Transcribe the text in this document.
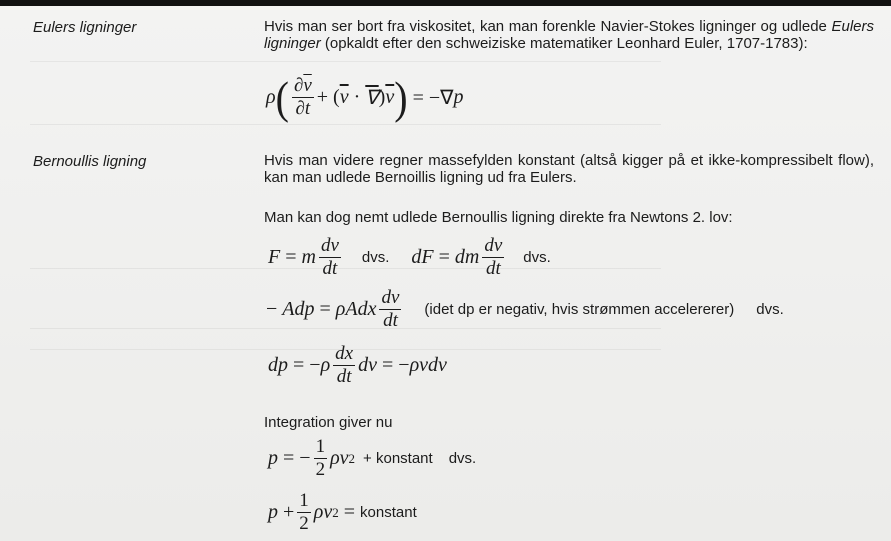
Eulers ligninger	Hvis man ser bort fra viskositet, kan man forenkle Navier-Stokes ligninger og udlede Eulers ligninger (opkaldt efter den schweiziske matematiker Leonhard Euler, 1707-1783):
ρ ( $\frac{\partial\overline{v}}{\partial t}$ + ( $\overline{v}$ · ∇ ) $\overline{v}$ ) = −∇ p
Bernoullis ligning	Hvis man videre regner massefylden konstant (altså kigger på et ikke-kompressibelt flow), kan man udlede Bernoillis ligning ud fra Eulers.
Man kan dog nemt udlede Bernoullis ligning direkte fra Newtons 2. lov:
F = m $\frac{dv}{dt}$ dvs. dF = dm $\frac{dv}{dt}$ dvs.
− Adp = ρAdx $\frac{dv}{dt} (idet$ dp er negativ, hvis strømmen accelererer) dvs.
dp = − ρ $\frac{dx}{dt}$ dv = − ρvdv
Integration giver nu
p = − $\frac{1}{2}$ ρv 2 + konstant dvs.
$p + \frac{1}{2}$ ρv 2 = konstant
